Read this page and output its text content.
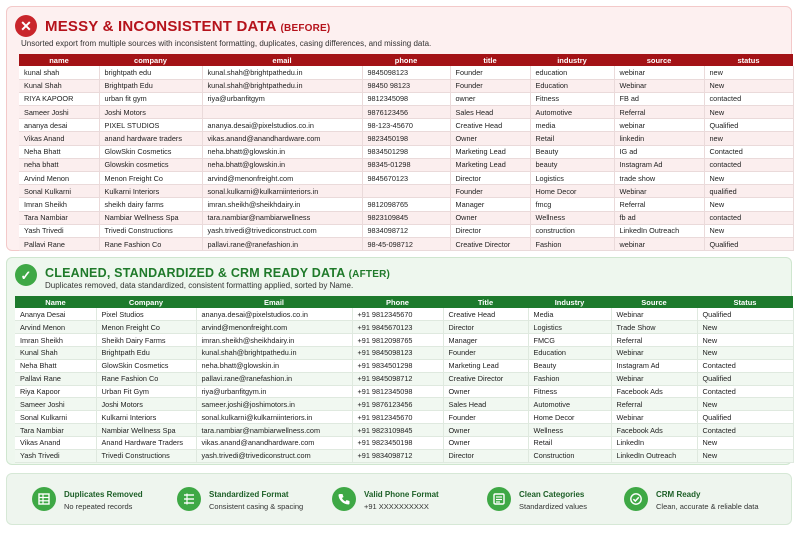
✕ MESSY & INCONSISTENT DATA (BEFORE)
Unsorted export from multiple sources with inconsistent formatting, duplicates, casing differences, and missing data.
name	company	email	phone	title	industry	source	status
kunal shah	brightpath edu	kunal.shah@brightpathedu.in	9845098123	Founder	education	webinar	new
Kunal Shah	Brightpath Edu	kunal.shah@brightpathedu.in	98450 98123	Founder	Education	Webinar	New
RIYA KAPOOR	urban fit gym	riya@urbanfitgym	9812345098	owner	Fitness	FB ad	contacted
Sameer Joshi	Joshi Motors		9876123456	Sales Head	Automotive	Referral	New
ananya desai	PIXEL STUDIOS	ananya.desai@pixelstudios.co.in	98-123-45670	Creative Head	media	webinar	Qualified
Vikas Anand	anand hardware traders	vikas.anand@anandhardware.com	9823450198	Owner	Retail	linkedin	new
Neha Bhatt	GlowSkin Cosmetics	neha.bhatt@glowskin.in	9834501298	Marketing Lead	Beauty	IG ad	Contacted
neha bhatt	Glowskin cosmetics	neha.bhatt@glowskin.in	98345-01298	Marketing Lead	beauty	Instagram Ad	contacted
Arvind Menon	Menon Freight Co	arvind@menonfreight.com	9845670123	Director	Logistics	trade show	New
Sonal Kulkarni	Kulkarni Interiors	sonal.kulkarni@kulkarniinteriors.in		Founder	Home Decor	Webinar	qualified
Imran Sheikh	sheikh dairy farms	imran.sheikh@sheikhdairy.in	9812098765	Manager	fmcg	Referral	New
Tara Nambiar	Nambiar Wellness Spa	tara.nambiar@nambiarwellness	9823109845	Owner	Wellness	fb ad	contacted
Yash Trivedi	Trivedi Constructions	yash.trivedi@trivediconstruct.com	9834098712	Director	construction	LinkedIn Outreach	New
Pallavi Rane	Rane Fashion Co	pallavi.rane@ranefashion.in	98-45-098712	Creative Director	Fashion	webinar	Qualified
✓	CLEANED, STANDARDIZED & CRM READY DATA (AFTER)
Duplicates removed, data standardized, consistent formatting applied, sorted by Name.
Name	Company	Email	Phone	Title	Industry	Source	Status
Ananya Desai	Pixel Studios	ananya.desai@pixelstudios.co.in	+91 9812345670	Creative Head	Media	Webinar	Qualified
Arvind Menon	Menon Freight Co	arvind@menonfreight.com	+91 9845670123	Director	Logistics	Trade Show	New
Imran Sheikh	Sheikh Dairy Farms	imran.sheikh@sheikhdairy.in	+91 9812098765	Manager	FMCG	Referral	New
Kunal Shah	Brightpath Edu	kunal.shah@brightpathedu.in	+91 9845098123	Founder	Education	Webinar	New
Neha Bhatt	GlowSkin Cosmetics	neha.bhatt@glowskin.in	+91 9834501298	Marketing Lead	Beauty	Instagram Ad	Contacted
Pallavi Rane	Rane Fashion Co	pallavi.rane@ranefashion.in	+91 9845098712	Creative Director	Fashion	Webinar	Qualified
Riya Kapoor	Urban Fit Gym	riya@urbanfitgym.in	+91 9812345098	Owner	Fitness	Facebook Ads	Contacted
Sameer Joshi	Joshi Motors	sameer.joshi@joshimotors.in	+91 9876123456	Sales Head	Automotive	Referral	New
Sonal Kulkarni	Kulkarni Interiors	sonal.kulkarni@kulkarniinteriors.in	+91 9812345670	Founder	Home Decor	Webinar	Qualified
Tara Nambiar	Nambiar Wellness Spa	tara.nambiar@nambiarwellness.com	+91 9823109845	Owner	Wellness	Facebook Ads	Contacted
Vikas Anand	Anand Hardware Traders	vikas.anand@anandhardware.com	+91 9823450198	Owner	Retail	LinkedIn	New
Yash Trivedi	Trivedi Constructions	yash.trivedi@trivediconstruct.com	+91 9834098712	Director	Construction	LinkedIn Outreach	New
Duplicates Removed
No repeated records
Standardized Format
Consistent casing & spacing
Valid Phone Format
+91 XXXXXXXXXX
Clean Categories
Standardized values
CRM Ready
Clean, accurate & reliable data
